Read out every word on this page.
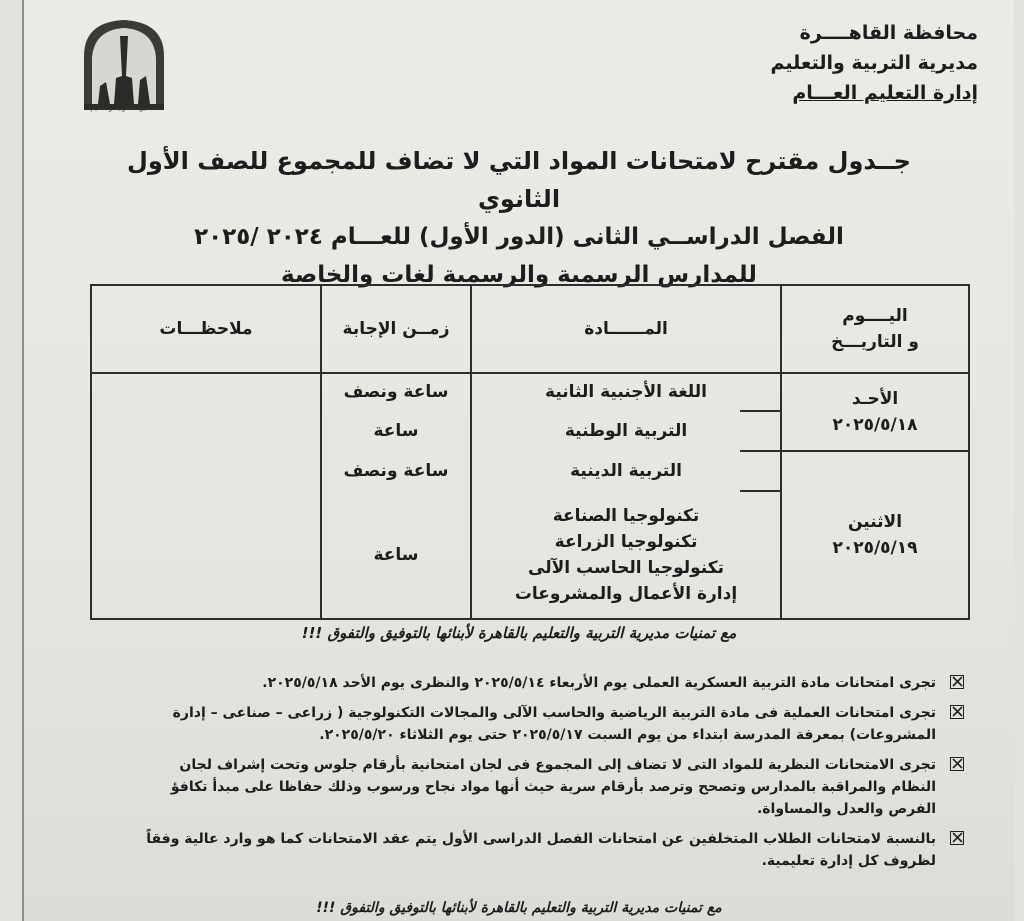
مديرية التربية والتعليم
محافظة القاهــــرة
مديرية التربية والتعليم
إدارة التعليم العـــام
جــدول مقترح لامتحانات المواد التي لا تضاف للمجموع للصف الأول الثانوي
الفصل الدراســي الثانى (الدور الأول) للعـــام ٢٠٢٤ /٢٠٢٥
للمدارس الرسمية والرسمية لغات والخاصة
اليــــوم
و التاريـــخ
المــــــادة
زمــن الإجابة
ملاحظـــات
الأحـد
٢٠٢٥/٥/١٨
اللغة الأجنبية الثانية
ساعة ونصف
التربية الوطنية
ساعة
الاثنين
٢٠٢٥/٥/١٩
التربية الدينية
ساعة ونصف
تكنولوجيا الصناعة
تكنولوجيا الزراعة
تكنولوجيا الحاسب الآلى
إدارة الأعمال والمشروعات
ساعة
مع تمنيات مديرية التربية والتعليم بالقاهرة لأبنائها بالتوفيق والتفوق !!!
تجرى امتحانات مادة التربية العسكرية العملى يوم الأربعاء ٢٠٢٥/٥/١٤ والنظرى يوم الأحد ٢٠٢٥/٥/١٨.
تجرى امتحانات العملية فى مادة التربية الرياضية والحاسب الآلى والمجالات التكنولوجية ( زراعى – صناعى – إدارة المشروعات) بمعرفة المدرسة ابتداء من يوم السبت ٢٠٢٥/٥/١٧ حتى يوم الثلاثاء ٢٠٢٥/٥/٢٠.
تجرى الامتحانات النظرية للمواد التى لا تضاف إلى المجموع فى لجان امتحانية بأرقام جلوس وتحت إشراف لجان النظام والمراقبة بالمدارس وتصحح وترصد بأرقام سرية حيث أنها مواد نجاح ورسوب وذلك حفاظا على مبدأ تكافؤ الفرص والعدل والمساواة.
بالنسبة لامتحانات الطلاب المتخلفين عن امتحانات الفصل الدراسى الأول يتم عقد الامتحانات كما هو وارد عالية وفقاً لظروف كل إدارة تعليمية.
مع تمنيات مديرية التربية والتعليم بالقاهرة لأبنائها بالتوفيق والتفوق !!!
